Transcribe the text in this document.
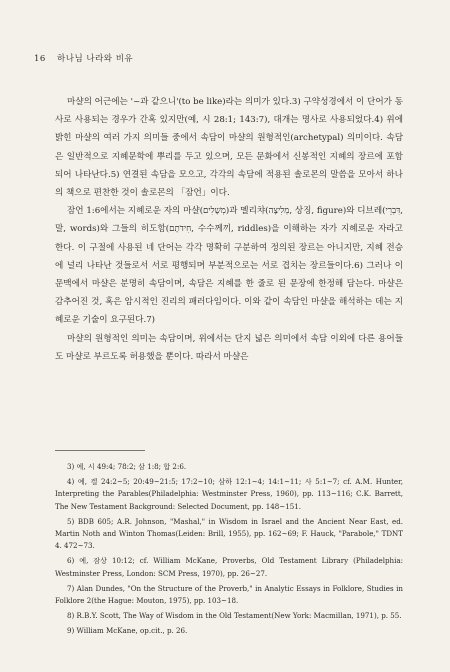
16 하나님 나라와 비유

마샬의 어근에는 '~과 같으니'(to be like)라는 의미가 있다.3) 구약성경에서 이 단어가 동사로 사용되는 경우가 간혹 있지만(예, 시 28:1; 143:7), 대개는 명사로 사용되었다.4) 위에 밝힌 마샬의 여러 가지 의미들 중에서 속담이 마샬의 원형적인(archetypal) 의미이다. 속담은 일반적으로 지혜문학에 뿌리를 두고 있으며, 모든 문화에서 신봉적인 지혜의 장르에 포함되어 나타난다.5) 연결된 속담을 모으고, 각각의 속담에 적용된 솔로몬의 말씀을 모아서 하나의 책으로 편찬한 것이 솔로몬의 「잠언」이다.

잠언 1:6에서는 지혜로운 자의 마샬(מְשָׁלִים)과 멜리챠(מְלִיצָה, 상징, figure)와 디브레(דִּבְרֵי, 말, words)와 그들의 히도함(חִידֹתָם, 수수께끼, riddles)을 이해하는 자가 지혜로운 자라고 한다. 이 구절에 사용된 네 단어는 각각 명확히 구분하여 정의된 장르는 아니지만, 지혜 전승에 널리 나타난 것들로서 서로 평행되며 부분적으로는 서로 겹치는 장르들이다.6) 그러나 이 문맥에서 마샬은 분명히 속담이며, 속담은 지혜를 한 줄로 된 문장에 한정해 담는다. 마샬은 감추어진 것, 혹은 암시적인 진리의 패러다임이다. 이와 같이 속담인 마샬을 해석하는 데는 지혜로운 기술이 요구된다.7)

마샬의 원형적인 의미는 속담이며, 위에서는 단지 넓은 의미에서 속담 이외에 다른 용어들도 마샬로 부르도록 허용했을 뿐이다. 따라서 마샬은

3) 예, 시 49:4; 78:2; 삼 1:8; 합 2:6.

4) 예, 겔 24:2~5; 20:49~21:5; 17:2~10; 삼하 12:1~4; 14:1~11; 사 5:1~7; cf. A.M. Hunter, Interpreting the Parables(Philadelphia: Westminster Press, 1960), pp. 113~116; C.K. Barrett, The New Testament Background: Selected Document, pp. 148~151.

5) BDB 605; A.R. Johnson, "Mashal," in Wisdom in Israel and the Ancient Near East, ed. Martin Noth and Winton Thomas(Leiden: Brill, 1955), pp. 162~69; F. Hauck, "Parabole," TDNT 4. 472~73.

6) 예, 잠상 10:12; cf. William McKane, Proverbs, Old Testament Library (Philadelphia: Westminster Press, London: SCM Press, 1970), pp. 26~27.

7) Alan Dundes, "On the Structure of the Proverb," in Analytic Essays in Folklore, Studies in Folklore 2(the Hague: Mouton, 1975), pp. 103~18.

8) R.B.Y. Scott, The Way of Wisdom in the Old Testament(New York: Macmillan, 1971), p. 55.

9) William McKane, op.cit., p. 26.
